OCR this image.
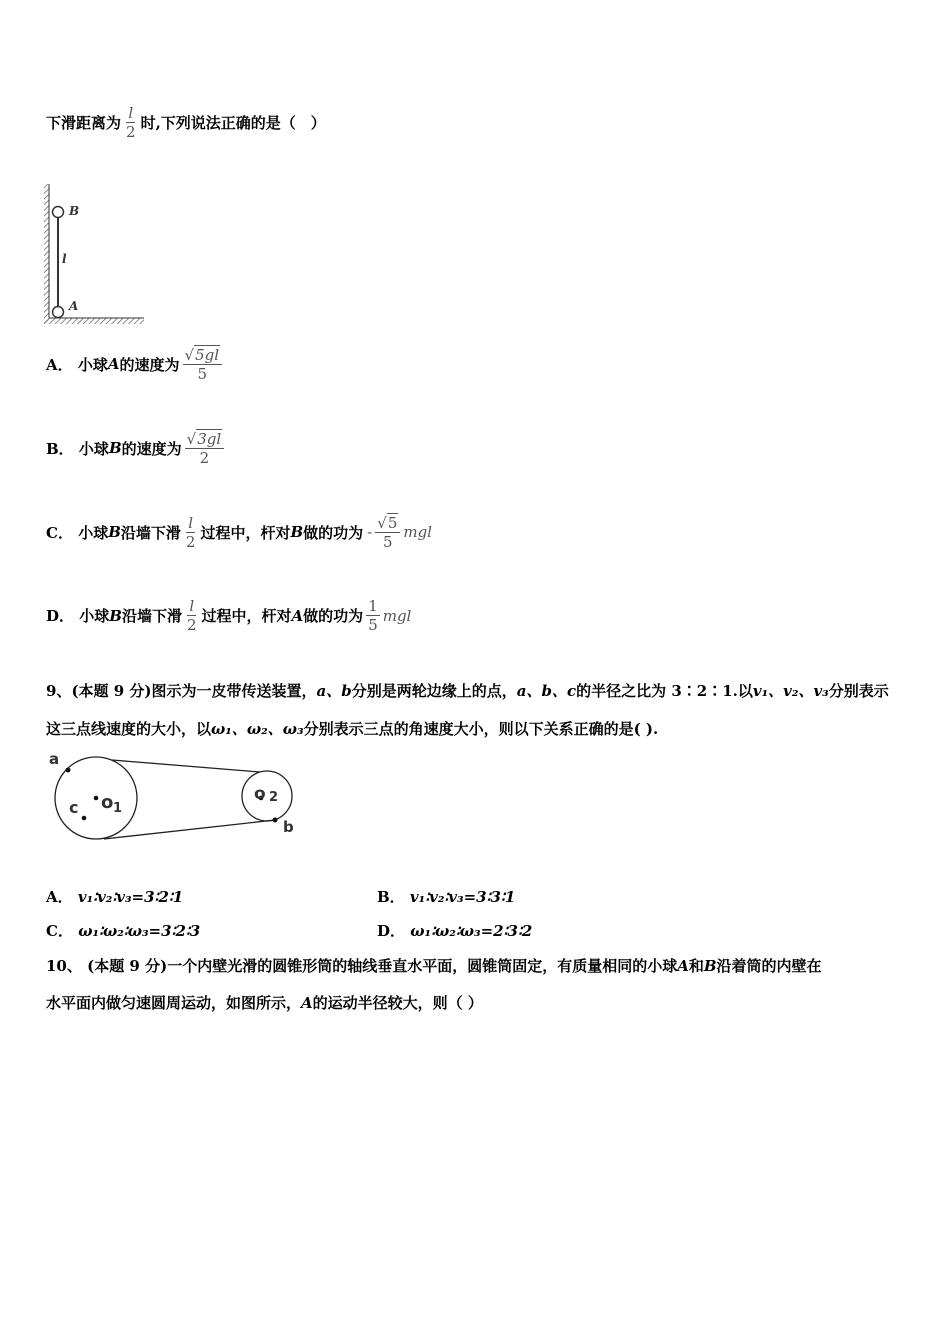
下滑距离为 $\frac{l}{2}$ 时,下列说法正确的是（　）
B
l
A
A．
小球 A 的速度为 $\frac{√ 5gl}{5}$
B．
小球 B 的速度为 $\frac{√ 3gl}{2}$
C．
小球 B 沿墙下滑 $\frac{l}{2}$ 过程中，杆对 B 做的功为 - $\frac{√ 5}{5}$ mgl
D．
小球 B 沿墙下滑 $\frac{l}{2}$ 过程中，杆对 A 做的功为 $\frac{1}{5}$ mgl
9、 (本题 9 分) 图示为一皮带传送装置， a、b 分别是两轮边缘上的点， a、b、c 的半径之比为 3∶2∶1.以 v₁、v₂、v₃ 分别表示
这三点线速度的大小，以 ω₁、ω₂、ω₃ 分别表示三点的角速度大小，则以下关系正确的是( ).
a
c o 1
o 2
b
A．
v₁∶v₂∶v₃=3∶2∶1	B．
v₁∶v₂∶v₃=3∶3∶1
C．
ω₁∶ω₂∶ω₃=3∶2∶3	D．
ω₁∶ω₂∶ω₃=2∶3∶2
10、
(本题 9 分) 一个内壁光滑的圆锥形筒的轴线垂直水平面，圆锥筒固定，有质量相同的小球 A 和 B 沿着筒的内壁在
水平面内做匀速圆周运动，如图所示， A 的运动半径较大，则（ ）
